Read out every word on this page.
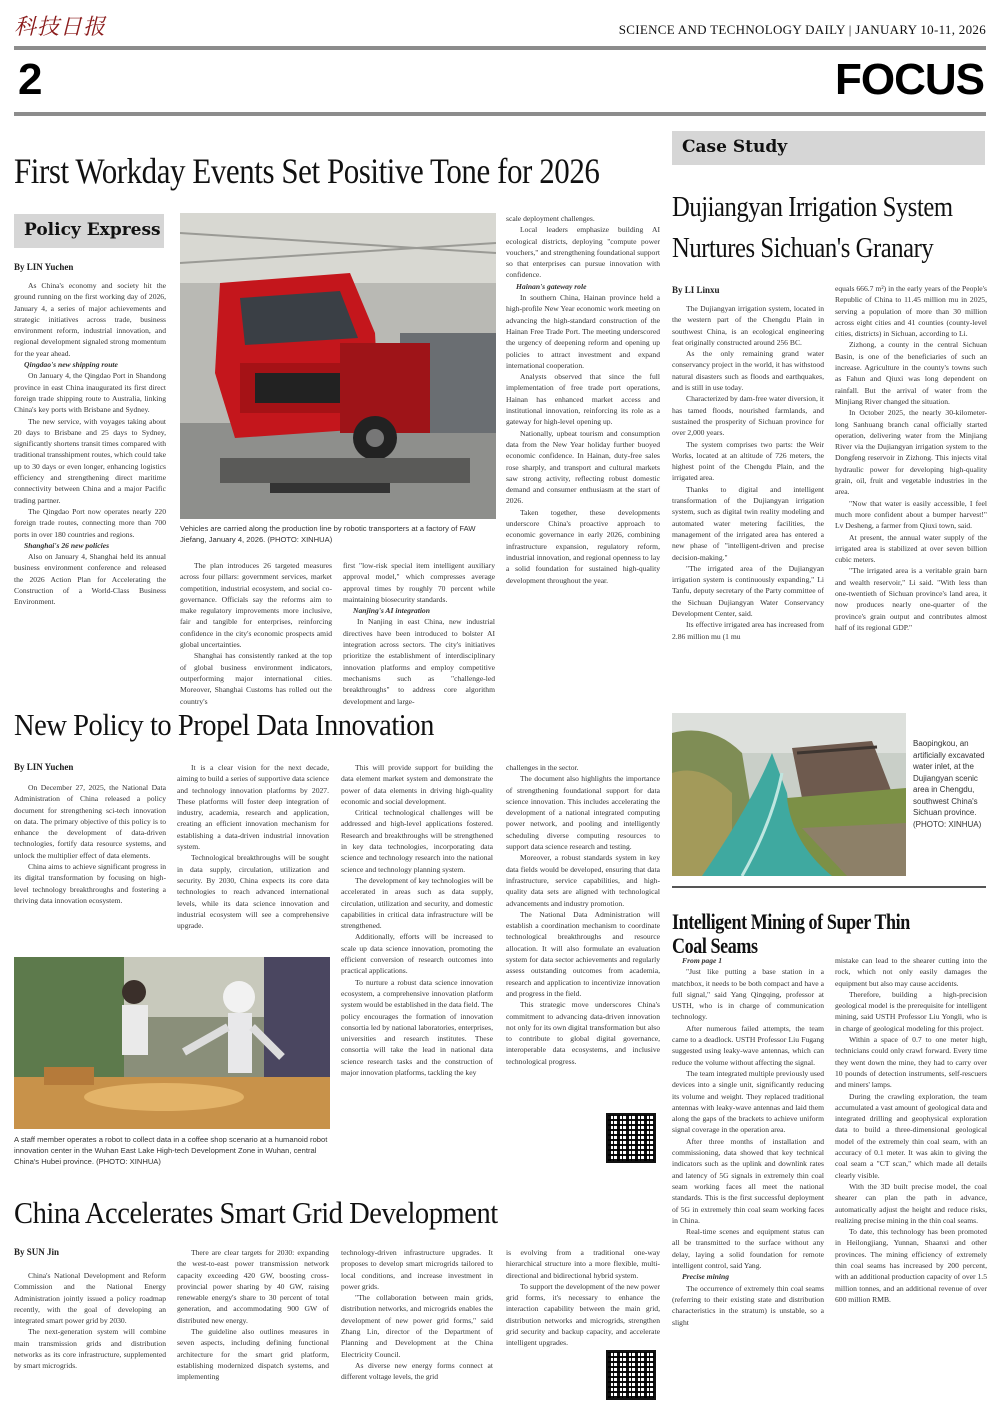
科技日报	SCIENCE AND TECHNOLOGY DAILY | JANUARY 10-11, 2026
2	FOCUS
First Workday Events Set Positive Tone for 2026
Policy Express
By LIN Yuchen

As China's economy and society hit the ground running on the first working day of 2026, January 4, a series of major achievements and strategic initiatives across trade, business environment reform, industrial innovation, and regional development signaled strong momentum for the year ahead.

Qingdao's new shipping route

On January 4, the Qingdao Port in Shandong province in east China inaugurated its first direct foreign trade shipping route to Australia, linking China's key ports with Brisbane and Sydney.

The new service, with voyages taking about 20 days to Brisbane and 25 days to Sydney, significantly shortens transit times compared with traditional transshipment routes, which could take up to 30 days or even longer, enhancing logistics efficiency and strengthening direct maritime connectivity between China and a major Pacific trading partner.

The Qingdao Port now operates nearly 220 foreign trade routes, connecting more than 700 ports in over 180 countries and regions.

Shanghai's 26 new policies

Also on January 4, Shanghai held its annual business environment conference and released the 2026 Action Plan for Accelerating the Construction of a World-Class Business Environment.

Vehicles are carried along the production line by robotic transporters at a factory of FAW Jiefang, January 4, 2026. (PHOTO: XINHUA)

The plan introduces 26 targeted measures across four pillars: government services, market competition, industrial ecosystem, and social co-governance. Officials say the reforms aim to make regulatory improvements more inclusive, fair and tangible for enterprises, reinforcing confidence in the city's economic prospects amid global uncertainties.

Shanghai has consistently ranked at the top of global business environment indicators, outperforming major international cities. Moreover, Shanghai Customs has rolled out the country's

first "low-risk special item intelligent auxiliary approval model," which compresses average approval times by roughly 70 percent while maintaining biosecurity standards.

Nanjing's AI integration

In Nanjing in east China, new industrial directives have been introduced to bolster AI integration across sectors. The city's initiatives prioritize the establishment of interdisciplinary innovation platforms and employ competitive mechanisms such as "challenge-led breakthroughs" to address core algorithm development and large-

scale deployment challenges.

Local leaders emphasize building AI ecological districts, deploying "compute power vouchers," and strengthening foundational support so that enterprises can pursue innovation with confidence.

Hainan's gateway role

In southern China, Hainan province held a high-profile New Year economic work meeting on advancing the high-standard construction of the Hainan Free Trade Port. The meeting underscored the urgency of deepening reform and opening up policies to attract investment and expand international cooperation.

Analysts observed that since the full implementation of free trade port operations, Hainan has enhanced market access and institutional innovation, reinforcing its role as a gateway for high-level opening up.

Nationally, upbeat tourism and consumption data from the New Year holiday further buoyed economic confidence. In Hainan, duty-free sales rose sharply, and transport and cultural markets saw strong activity, reflecting robust domestic demand and consumer enthusiasm at the start of 2026.

Taken together, these developments underscore China's proactive approach to economic governance in early 2026, combining infrastructure expansion, regulatory reform, industrial innovation, and regional openness to lay a solid foundation for sustained high-quality development throughout the year.

Case Study
Dujiangyan Irrigation System
Nurtures Sichuan's Granary
By LI Linxu

The Dujiangyan irrigation system, located in the western part of the Chengdu Plain in southwest China, is an ecological engineering feat originally constructed around 256 BC.

As the only remaining grand water conservancy project in the world, it has withstood natural disasters such as floods and earthquakes, and is still in use today.

Characterized by dam-free water diversion, it has tamed floods, nourished farmlands, and sustained the prosperity of Sichuan province for over 2,000 years.

The system comprises two parts: the Weir Works, located at an altitude of 726 meters, the highest point of the Chengdu Plain, and the irrigated area.

Thanks to digital and intelligent transformation of the Dujiangyan irrigation system, such as digital twin reality modeling and automated water metering facilities, the management of the irrigated area has entered a new phase of "intelligent-driven and precise decision-making."

"The irrigated area of the Dujiangyan irrigation system is continuously expanding," Li Tanfu, deputy secretary of the Party committee of the Sichuan Dujiangyan Water Conservancy Development Center, said.

Its effective irrigated area has increased from 2.86 million mu (1 mu

equals 666.7 m²) in the early years of the People's Republic of China to 11.45 million mu in 2025, serving a population of more than 30 million across eight cities and 41 counties (county-level cities, districts) in Sichuan, according to Li.

Zizhong, a county in the central Sichuan Basin, is one of the beneficiaries of such an increase. Agriculture in the county's towns such as Fahun and Qiuxi was long dependent on rainfall. But the arrival of water from the Minjiang River changed the situation.

In October 2025, the nearly 30-kilometer-long Sanhuang branch canal officially started operation, delivering water from the Minjiang River via the Dujiangyan irrigation system to the Dongfeng reservoir in Zizhong. This injects vital hydraulic power for developing high-quality grain, oil, fruit and vegetable industries in the area.

"Now that water is easily accessible, I feel much more confident about a bumper harvest!" Lv Desheng, a farmer from Qiuxi town, said.

At present, the annual water supply of the irrigated area is stabilized at over seven billion cubic meters.

"The irrigated area is a veritable grain barn and wealth reservoir," Li said. "With less than one-twentieth of Sichuan province's land area, it now produces nearly one-quarter of the province's grain output and contributes almost half of its regional GDP."

Baopingkou, an artificially excavated water inlet, at the Dujiangyan scenic area in Chengdu, southwest China's Sichuan province. (PHOTO: XINHUA)
Intelligent Mining of Super Thin Coal Seams

From page 1

"Just like putting a base station in a matchbox, it needs to be both compact and have a full signal," said Yang Qingqing, professor at USTH, who is in charge of communication technology.

After numerous failed attempts, the team came to a deadlock. USTH Professor Liu Fugang suggested using leaky-wave antennas, which can reduce the volume without affecting the signal.

The team integrated multiple previously used devices into a single unit, significantly reducing its volume and weight. They replaced traditional antennas with leaky-wave antennas and laid them along the gaps of the brackets to achieve uniform signal coverage in the operation area.

After three months of installation and commissioning, data showed that key technical indicators such as the uplink and downlink rates and latency of 5G signals in extremely thin coal seam working faces all meet the national standards. This is the first successful deployment of 5G in extremely thin coal seam working faces in China.

Real-time scenes and equipment status can all be transmitted to the surface without any delay, laying a solid foundation for remote intelligent control, said Yang.

Precise mining

The occurrence of extremely thin coal seams (referring to their existing state and distribution characteristics in the stratum) is unstable, so a slight

mistake can lead to the shearer cutting into the rock, which not only easily damages the equipment but also may cause accidents.

Therefore, building a high-precision geological model is the prerequisite for intelligent mining, said USTH Professor Liu Yongli, who is in charge of geological modeling for this project.

Within a space of 0.7 to one meter high, technicians could only crawl forward. Every time they went down the mine, they had to carry over 10 pounds of detection instruments, self-rescuers and miners' lamps.

During the crawling exploration, the team accumulated a vast amount of geological data and integrated drilling and geophysical exploration data to build a three-dimensional geological model of the extremely thin coal seam, with an accuracy of 0.1 meter. It was akin to giving the coal seam a "CT scan," which made all details clearly visible.

With the 3D built precise model, the coal shearer can plan the path in advance, automatically adjust the height and reduce risks, realizing precise mining in the thin coal seams.

To date, this technology has been promoted in Heilongjiang, Yunnan, Shaanxi and other provinces. The mining efficiency of extremely thin coal seams has increased by 200 percent, with an additional production capacity of over 1.5 million tonnes, and an additional revenue of over 600 million RMB.

New Policy to Propel Data Innovation
By LIN Yuchen

On December 27, 2025, the National Data Administration of China released a policy document for strengthening sci-tech innovation on data. The primary objective of this policy is to enhance the development of data-driven technologies, fortify data resource systems, and unlock the multiplier effect of data elements.

China aims to achieve significant progress in its digital transformation by focusing on high-level technology breakthroughs and fostering a thriving data innovation ecosystem.

It is a clear vision for the next decade, aiming to build a series of supportive data science and technology innovation platforms by 2027. These platforms will foster deep integration of industry, academia, research and application, creating an efficient innovation mechanism for establishing a data-driven industrial innovation system.

Technological breakthroughs will be sought in data supply, circulation, utilization and security. By 2030, China expects its core data technologies to reach advanced international levels, while its data science innovation and industrial ecosystem will see a comprehensive upgrade.

A staff member operates a robot to collect data in a coffee shop scenario at a humanoid robot innovation center in the Wuhan East Lake High-tech Development Zone in Wuhan, central China's Hubei province. (PHOTO: XINHUA)

This will provide support for building the data element market system and demonstrate the power of data elements in driving high-quality economic and social development.

Critical technological challenges will be addressed and high-level applications fostered. Research and breakthroughs will be strengthened in key data technologies, incorporating data science and technology research into the national science and technology planning system.

The development of key technologies will be accelerated in areas such as data supply, circulation, utilization and security, and domestic capabilities in critical data infrastructure will be strengthened.

Additionally, efforts will be increased to scale up data science innovation, promoting the efficient conversion of research outcomes into practical applications.

To nurture a robust data science innovation ecosystem, a comprehensive innovation platform system would be established in the data field. The policy encourages the formation of innovation consortia led by national laboratories, enterprises, universities and research institutes. These consortia will take the lead in national data science research tasks and the construction of major innovation platforms, tackling the key

challenges in the sector.

The document also highlights the importance of strengthening foundational support for data science innovation. This includes accelerating the development of a national integrated computing power network, and pooling and intelligently scheduling diverse computing resources to support data science research and testing.

Moreover, a robust standards system in key data fields would be developed, ensuring that data infrastructure, service capabilities, and high-quality data sets are aligned with technological advancements and industry promotion.

The National Data Administration will establish a coordination mechanism to coordinate technological breakthroughs and resource allocation. It will also formulate an evaluation system for data sector achievements and regularly assess outstanding outcomes from academia, research and application to incentivize innovation and progress in the field.

This strategic move underscores China's commitment to advancing data-driven innovation not only for its own digital transformation but also to contribute to global digital governance, interoperable data ecosystems, and inclusive technological progress.

China Accelerates Smart Grid Development
By SUN Jin

China's National Development and Reform Commission and the National Energy Administration jointly issued a policy roadmap recently, with the goal of developing an integrated smart power grid by 2030.

The next-generation system will combine main transmission grids and distribution networks as its core infrastructure, supplemented by smart microgrids.

There are clear targets for 2030: expanding the west-to-east power transmission network capacity exceeding 420 GW, boosting cross-provincial power sharing by 40 GW, raising renewable energy's share to 30 percent of total generation, and accommodating 900 GW of distributed new energy.

The guideline also outlines measures in seven aspects, including defining functional architecture for the smart grid platform, establishing modernized dispatch systems, and implementing

technology-driven infrastructure upgrades. It proposes to develop smart microgrids tailored to local conditions, and increase investment in power grids.

"The collaboration between main grids, distribution networks, and microgrids enables the development of new power grid forms," said Zhang Lin, director of the Department of Planning and Development at the China Electricity Council.

As diverse new energy forms connect at different voltage levels, the grid

is evolving from a traditional one-way hierarchical structure into a more flexible, multi-directional and bidirectional hybrid system.

To support the development of the new power grid forms, it's necessary to enhance the interaction capability between the main grid, distribution networks and microgrids, strengthen grid security and backup capacity, and accelerate intelligent upgrades.
